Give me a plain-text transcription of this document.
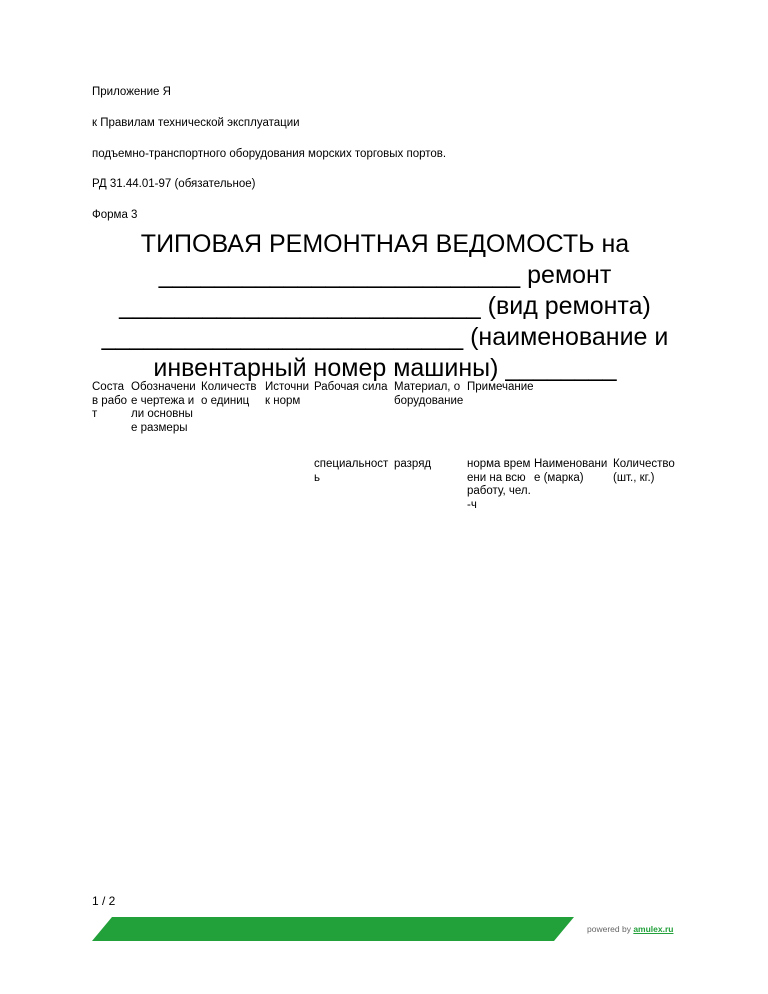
Приложение Я
к Правилам технической эксплуатации
подъемно-транспортного оборудования морских торговых портов.
РД 31.44.01-97 (обязательное)
Форма 3
ТИПОВАЯ РЕМОНТНАЯ ВЕДОМОСТЬ на
__________________________ ремонт
__________________________ (вид ремонта)
__________________________ (наименование и
инвентарный номер машины) ________
Состав работ
Обозначение чертежа или основные размеры
Количество единиц
Источник норм
Рабочая сила Материал, оборудование
Примечание
специальность
разряд	норма времени на всю работу, чел.-ч
Наименование (марка)
Количество (шт., кг.)
1 / 2
powered by amulex.ru
